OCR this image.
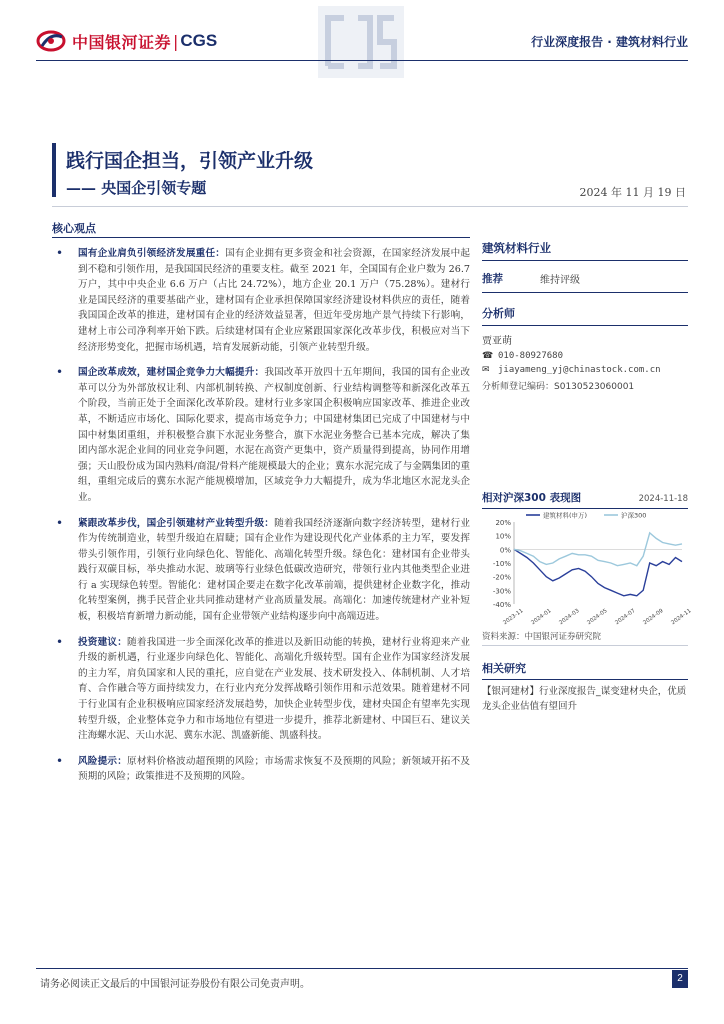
中国银河证券 | CGS	行业深度报告 · 建筑材料行业
践行国企担当，引领产业升级
—— 央国企引领专题	2024 年 11 月 19 日
核心观点

• 国有企业肩负引领经济发展重任：国有企业拥有更多资金和社会资源，在国家经济发展中起到不稳和引领作用，是我国国民经济的重要支柱。截至 2021 年，全国国有企业户数为 26.7 万户，其中中央企业 6.6 万户（占比 24.72%），地方企业 20.1 万户（75.28%）。建材行业是国民经济的重要基础产业，建材国有企业承担保障国家经济建设材料供应的责任，随着我国国企改革的推进，建材国有企业的经济效益显著，但近年受房地产景气持续下行影响，建材上市公司净利率开始下跌。后续建材国有企业应紧跟国家深化改革步伐，积极应对当下经济形势变化，把握市场机遇，培育发展新动能，引领产业转型升级。

• 国企改革成效，建材国企竞争力大幅提升：我国改革开放四十五年期间，我国的国有企业改革可以分为外部放权让利、内部机制转换、产权制度创新、行业结构调整等和新深化改革五个阶段，当前正处于全面深化改革阶段。建材行业多家国企积极响应国家改革、推进企业改革，不断适应市场化、国际化要求，提高市场竞争力；中国建材集团已完成了中国建材与中国中材集团重组，并积极整合旗下水泥业务整合，旗下水泥业务整合已基本完成，解决了集团内部水泥企业间的同业竞争问题，水泥在高资产更集中，资产质量得到提高，协同作用增强；天山股份成为国内熟料/商混/骨料产能规模最大的企业；冀东水泥完成了与金隅集团的重组，重组完成后的冀东水泥产能规模增加，区域竞争力大幅提升，成为华北地区水泥龙头企业。

• 紧跟改革步伐，国企引领建材产业转型升级：随着我国经济逐渐向数字经济转型，建材行业作为传统制造业，转型升级迫在眉睫；国有企业作为建设现代化产业体系的主力军，要发挥带头引领作用，引领行业向绿色化、智能化、高端化转型升级。绿色化：建材国有企业带头践行双碳目标，举央推动水泥、玻璃等行业绿色低碳改造研究，带领行业内其他类型企业进行 a 实现绿色转型。智能化：建材国企要走在数字化改革前端，提供建材企业数字化，推动化转型案例，携手民营企业共同推动建材产业高质量发展。高端化：加速传统建材产业补短板，积极培育新增力新动能，国有企业带领产业结构逐步向中高端迈进。

• 投资建议：随着我国进一步全面深化改革的推进以及新旧动能的转换，建材行业将迎来产业升级的新机遇，行业逐步向绿色化、智能化、高端化升级转型。国有企业作为国家经济发展的主力军，肩负国家和人民的重托，应自觉在产业发展、技术研发投入、体制机制、人才培育、合作融合等方面持续发力，在行业内充分发挥战略引领作用和示范效果。随着建材不同于行业国有企业积极响应国家经济发展趋势，加快企业转型步伐，建材央国企有望率先实现转型升级，企业整体竞争力和市场地位有望进一步提升，推荐北新建材、中国巨石、建议关注海螺水泥、天山水泥、冀东水泥、凯盛新能、凯盛科技。

• 风险提示：原材料价格波动超预期的风险；市场需求恢复不及预期的风险；新领域开拓不及预期的风险；政策推进不及预期的风险。

建筑材料行业
推荐	维持评级
分析师
贾亚萌
☎ 010-80927680
✉ jiayameng_yj@chinastock.com.cn
分析师登记编码：S0130523060001
相对沪深300 表现图	2024-11-18
20%
10%
0%
-10%
-20%
-30%
-40%
2023-11 2024-01 2024-03 2024-05 2024-07 2024-09 2024-11
建筑材料(申万)	沪深300
资料来源：中国银河证券研究院
相关研究
【银河建材】行业深度报告_谋变建材央企，优质龙头企业估值有望回升
请务必阅读正文最后的中国银河证券股份有限公司免责声明。
2
